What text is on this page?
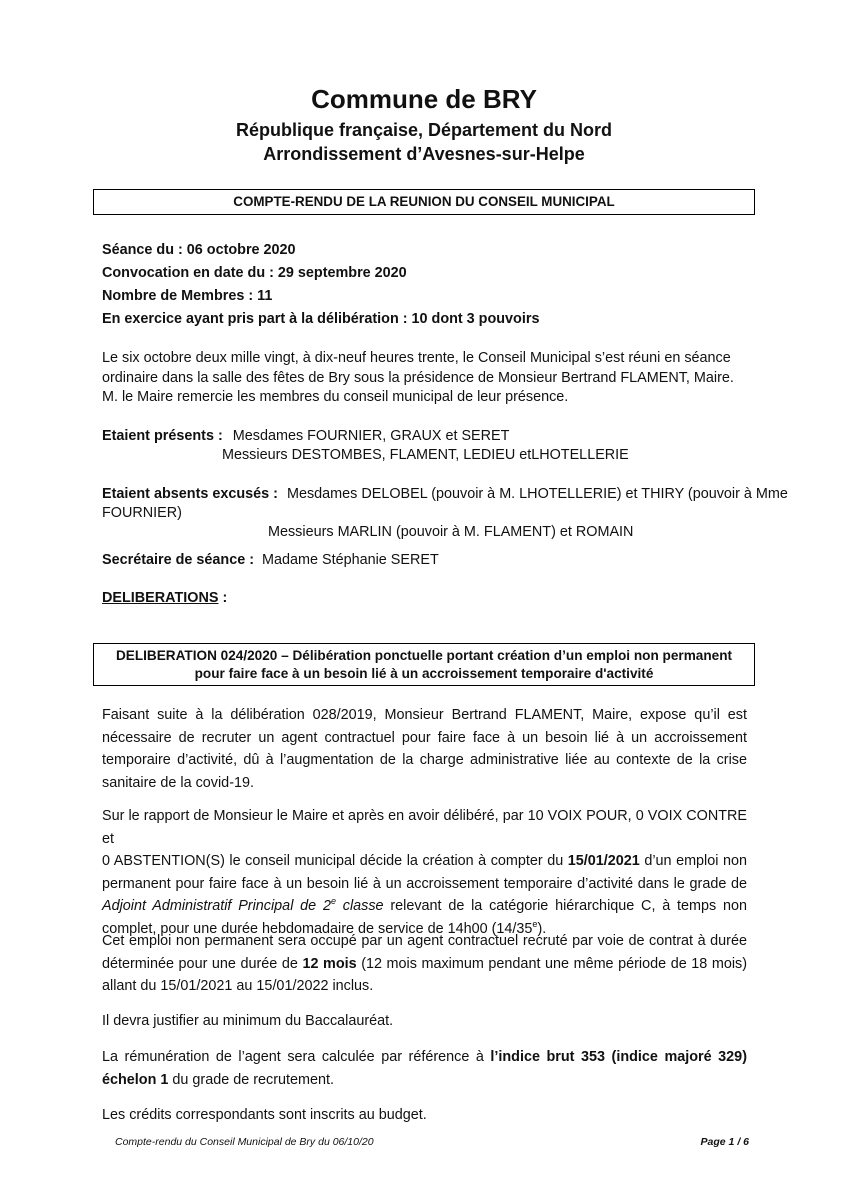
Commune de BRY
République française, Département du Nord
Arrondissement d’Avesnes-sur-Helpe
COMPTE-RENDU DE LA REUNION DU CONSEIL MUNICIPAL
Séance du : 06 octobre 2020
Convocation en date du : 29 septembre 2020
Nombre de Membres : 11
En exercice ayant pris part à la délibération : 10 dont 3 pouvoirs
Le six octobre deux mille vingt, à dix-neuf heures trente, le Conseil Municipal s’est réuni en séance
ordinaire dans la salle des fêtes de Bry sous la présidence de Monsieur Bertrand FLAMENT, Maire.
M. le Maire remercie les membres du conseil municipal de leur présence.
Etaient présents : Mesdames FOURNIER, GRAUX et SERET
Messieurs DESTOMBES, FLAMENT, LEDIEU etLHOTELLERIE
Etaient absents excusés : Mesdames DELOBEL (pouvoir à M. LHOTELLERIE) et THIRY (pouvoir à Mme
FOURNIER)
Messieurs MARLIN (pouvoir à M. FLAMENT) et ROMAIN
Secrétaire de séance : Madame Stéphanie SERET
DELIBERATIONS :
DELIBERATION 024/2020 – Délibération ponctuelle portant création d’un emploi non permanent
pour faire face à un besoin lié à un accroissement temporaire d'activité
Faisant suite à la délibération 028/2019, Monsieur Bertrand FLAMENT, Maire, expose qu’il est
nécessaire de recruter un agent contractuel pour faire face à un besoin lié à un accroissement
temporaire d’activité, dû à l’augmentation de la charge administrative liée au contexte de la crise
sanitaire de la covid-19.
Sur le rapport de Monsieur le Maire et après en avoir délibéré, par 10 VOIX POUR, 0 VOIX CONTRE et
0 ABSTENTION(S) le conseil municipal décide la création à compter du 15/01/2021 d’un emploi non
permanent pour faire face à un besoin lié à un accroissement temporaire d’activité dans le grade de
Adjoint Administratif Principal de 2e classe relevant de la catégorie hiérarchique C, à temps non
complet, pour une durée hebdomadaire de service de 14h00 (14/35e).
Cet emploi non permanent sera occupé par un agent contractuel recruté par voie de contrat à durée
déterminée pour une durée de 12 mois (12 mois maximum pendant une même période de 18 mois)
allant du 15/01/2021 au 15/01/2022 inclus.
Il devra justifier au minimum du Baccalauréat.
La rémunération de l’agent sera calculée par référence à l’indice brut 353 (indice majoré 329)
échelon 1 du grade de recrutement.
Les crédits correspondants sont inscrits au budget.
Compte-rendu du Conseil Municipal de Bry du 06/10/20	Page 1 / 6
